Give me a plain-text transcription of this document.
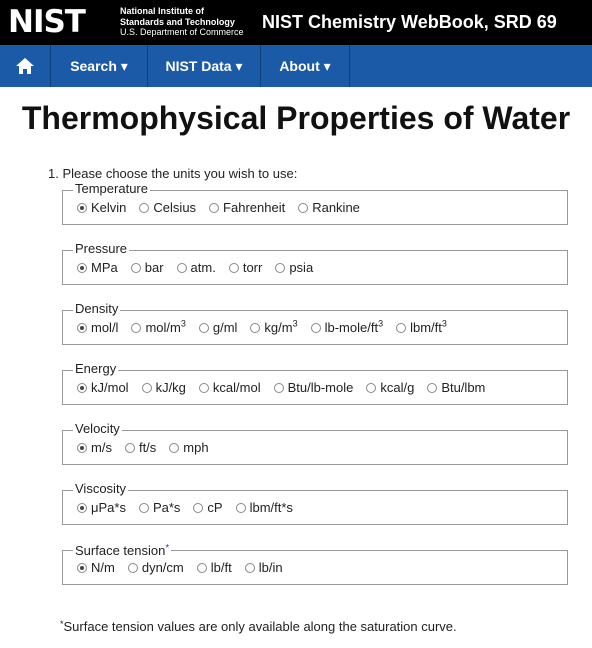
NIST	National Institute of
Standards and Technology
U.S. Department of Commerce NIST Chemistry WebBook, SRD 69
Search ▾	NIST Data ▾	About ▾
Thermophysical Properties of Water
1. Please choose the units you wish to use:
Temperature
Kelvin Celsius Fahrenheit Rankine
Pressure
MPa bar atm. torr psia
Density
mol/l mol/$m^3$ g/ml $kg/m^3$ $lb-mole/ft^3$ lbm/$ft^3$
Energy
kJ/mol kJ/kg kcal/mol Btu/lb-mole kcal/g Btu/lbm
Velocity
m/s ft/s mph
Viscosity
μPa*s Pa*s cP lbm/ft*s
Surface tension*
N/m dyn/cm lb/ft lb/in
*Surface tension values are only available along the saturation curve.
